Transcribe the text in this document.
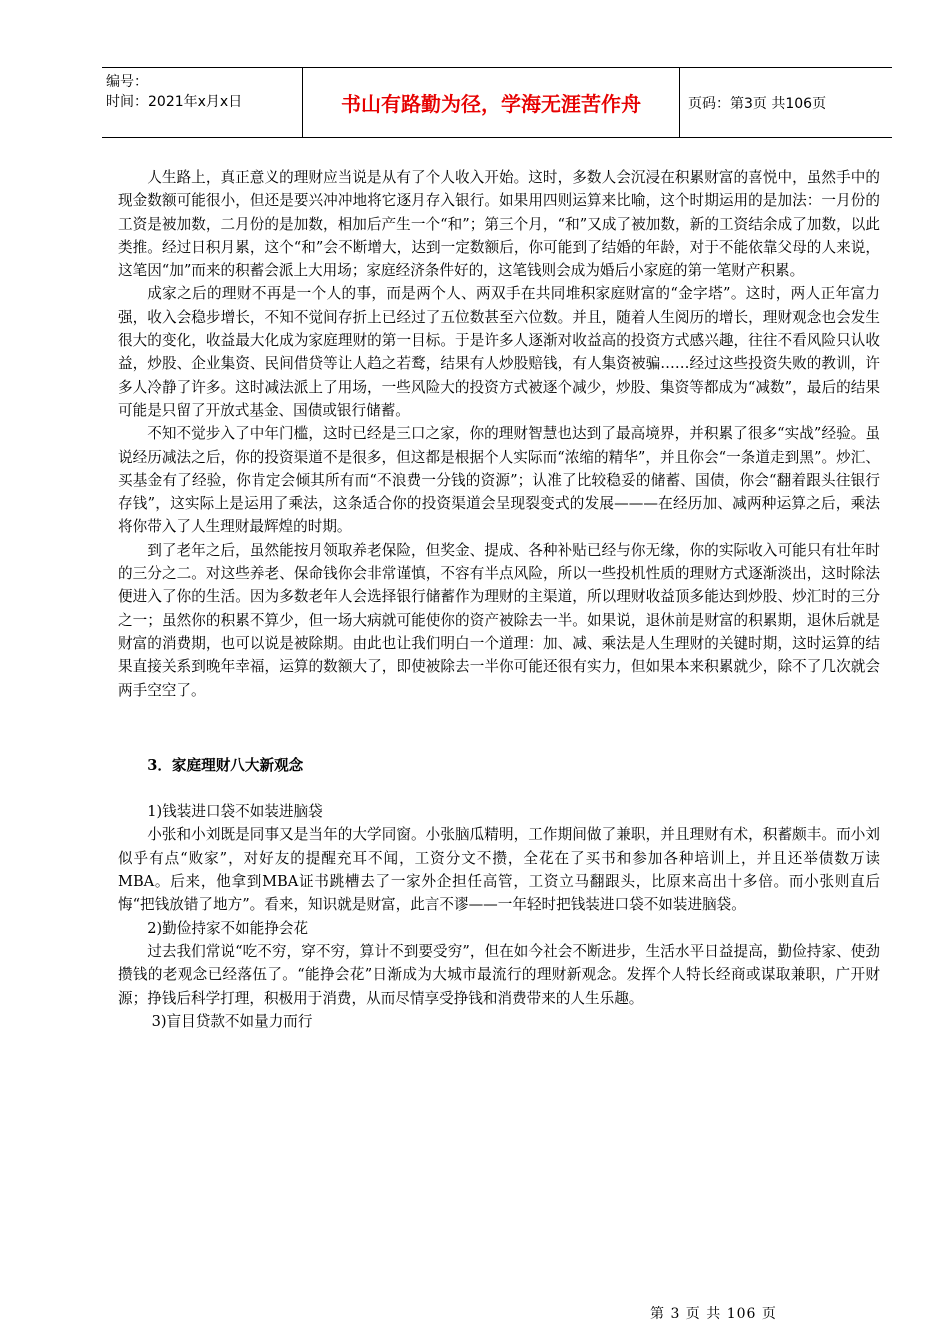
编号：
时间：2021年x月x日	书山有路勤为径，学海无涯苦作舟	页码：第3页 共106页

人生路上，真正意义的理财应当说是从有了个人收入开始。这时，多数人会沉浸在积累财富的喜悦中，虽然手中的现金数额可能很小，但还是要兴冲冲地将它逐月存入银行。如果用四则运算来比喻，这个时期运用的是加法：一月份的工资是被加数，二月份的是加数，相加后产生一个“和”；第三个月，“和”又成了被加数，新的工资结余成了加数，以此类推。经过日积月累，这个“和”会不断增大，达到一定数额后，你可能到了结婚的年龄，对于不能依靠父母的人来说，这笔因“加”而来的积蓄会派上大用场；家庭经济条件好的，这笔钱则会成为婚后小家庭的第一笔财产积累。

成家之后的理财不再是一个人的事，而是两个人、两双手在共同堆积家庭财富的“金字塔”。这时，两人正年富力强，收入会稳步增长，不知不觉间存折上已经过了五位数甚至六位数。并且，随着人生阅历的增长，理财观念也会发生很大的变化，收益最大化成为家庭理财的第一目标。于是许多人逐渐对收益高的投资方式感兴趣，往往不看风险只认收益，炒股、企业集资、民间借贷等让人趋之若鹜，结果有人炒股赔钱，有人集资被骗……经过这些投资失败的教训，许多人冷静了许多。这时减法派上了用场，一些风险大的投资方式被逐个减少，炒股、集资等都成为“减数”，最后的结果可能是只留了开放式基金、国债或银行储蓄。

不知不觉步入了中年门槛，这时已经是三口之家，你的理财智慧也达到了最高境界，并积累了很多“实战”经验。虽说经历减法之后，你的投资渠道不是很多，但这都是根据个人实际而“浓缩的精华”，并且你会“一条道走到黑”。炒汇、买基金有了经验，你肯定会倾其所有而“不浪费一分钱的资源”；认准了比较稳妥的储蓄、国债，你会“翻着跟头往银行存钱”，这实际上是运用了乘法，这条适合你的投资渠道会呈现裂变式的发展———在经历加、减两种运算之后，乘法将你带入了人生理财最辉煌的时期。

到了老年之后，虽然能按月领取养老保险，但奖金、提成、各种补贴已经与你无缘，你的实际收入可能只有壮年时的三分之二。对这些养老、保命钱你会非常谨慎，不容有半点风险，所以一些投机性质的理财方式逐渐淡出，这时除法便进入了你的生活。因为多数老年人会选择银行储蓄作为理财的主渠道，所以理财收益顶多能达到炒股、炒汇时的三分之一；虽然你的积累不算少，但一场大病就可能使你的资产被除去一半。如果说，退休前是财富的积累期，退休后就是财富的消费期，也可以说是被除期。由此也让我们明白一个道理：加、减、乘法是人生理财的关键时期，这时运算的结果直接关系到晚年幸福，运算的数额大了，即使被除去一半你可能还很有实力，但如果本来积累就少，除不了几次就会两手空空了。

3．家庭理财八大新观念

1)钱装进口袋不如装进脑袋

小张和小刘既是同事又是当年的大学同窗。小张脑瓜精明，工作期间做了兼职，并且理财有术，积蓄颇丰。而小刘似乎有点“败家”，对好友的提醒充耳不闻，工资分文不攒，全花在了买书和参加各种培训上，并且还举债数万读MBA。后来，他拿到MBA证书跳槽去了一家外企担任高管，工资立马翻跟头，比原来高出十多倍。而小张则直后悔“把钱放错了地方”。看来，知识就是财富，此言不谬——一年轻时把钱装进口袋不如装进脑袋。

2)勤俭持家不如能挣会花

过去我们常说“吃不穷，穿不穷，算计不到要受穷”，但在如今社会不断进步，生活水平日益提高，勤俭持家、使劲攒钱的老观念已经落伍了。“能挣会花”日渐成为大城市最流行的理财新观念。发挥个人特长经商或谋取兼职，广开财源；挣钱后科学打理，积极用于消费，从而尽情享受挣钱和消费带来的人生乐趣。

3)盲目贷款不如量力而行

第 3 页 共 106 页
